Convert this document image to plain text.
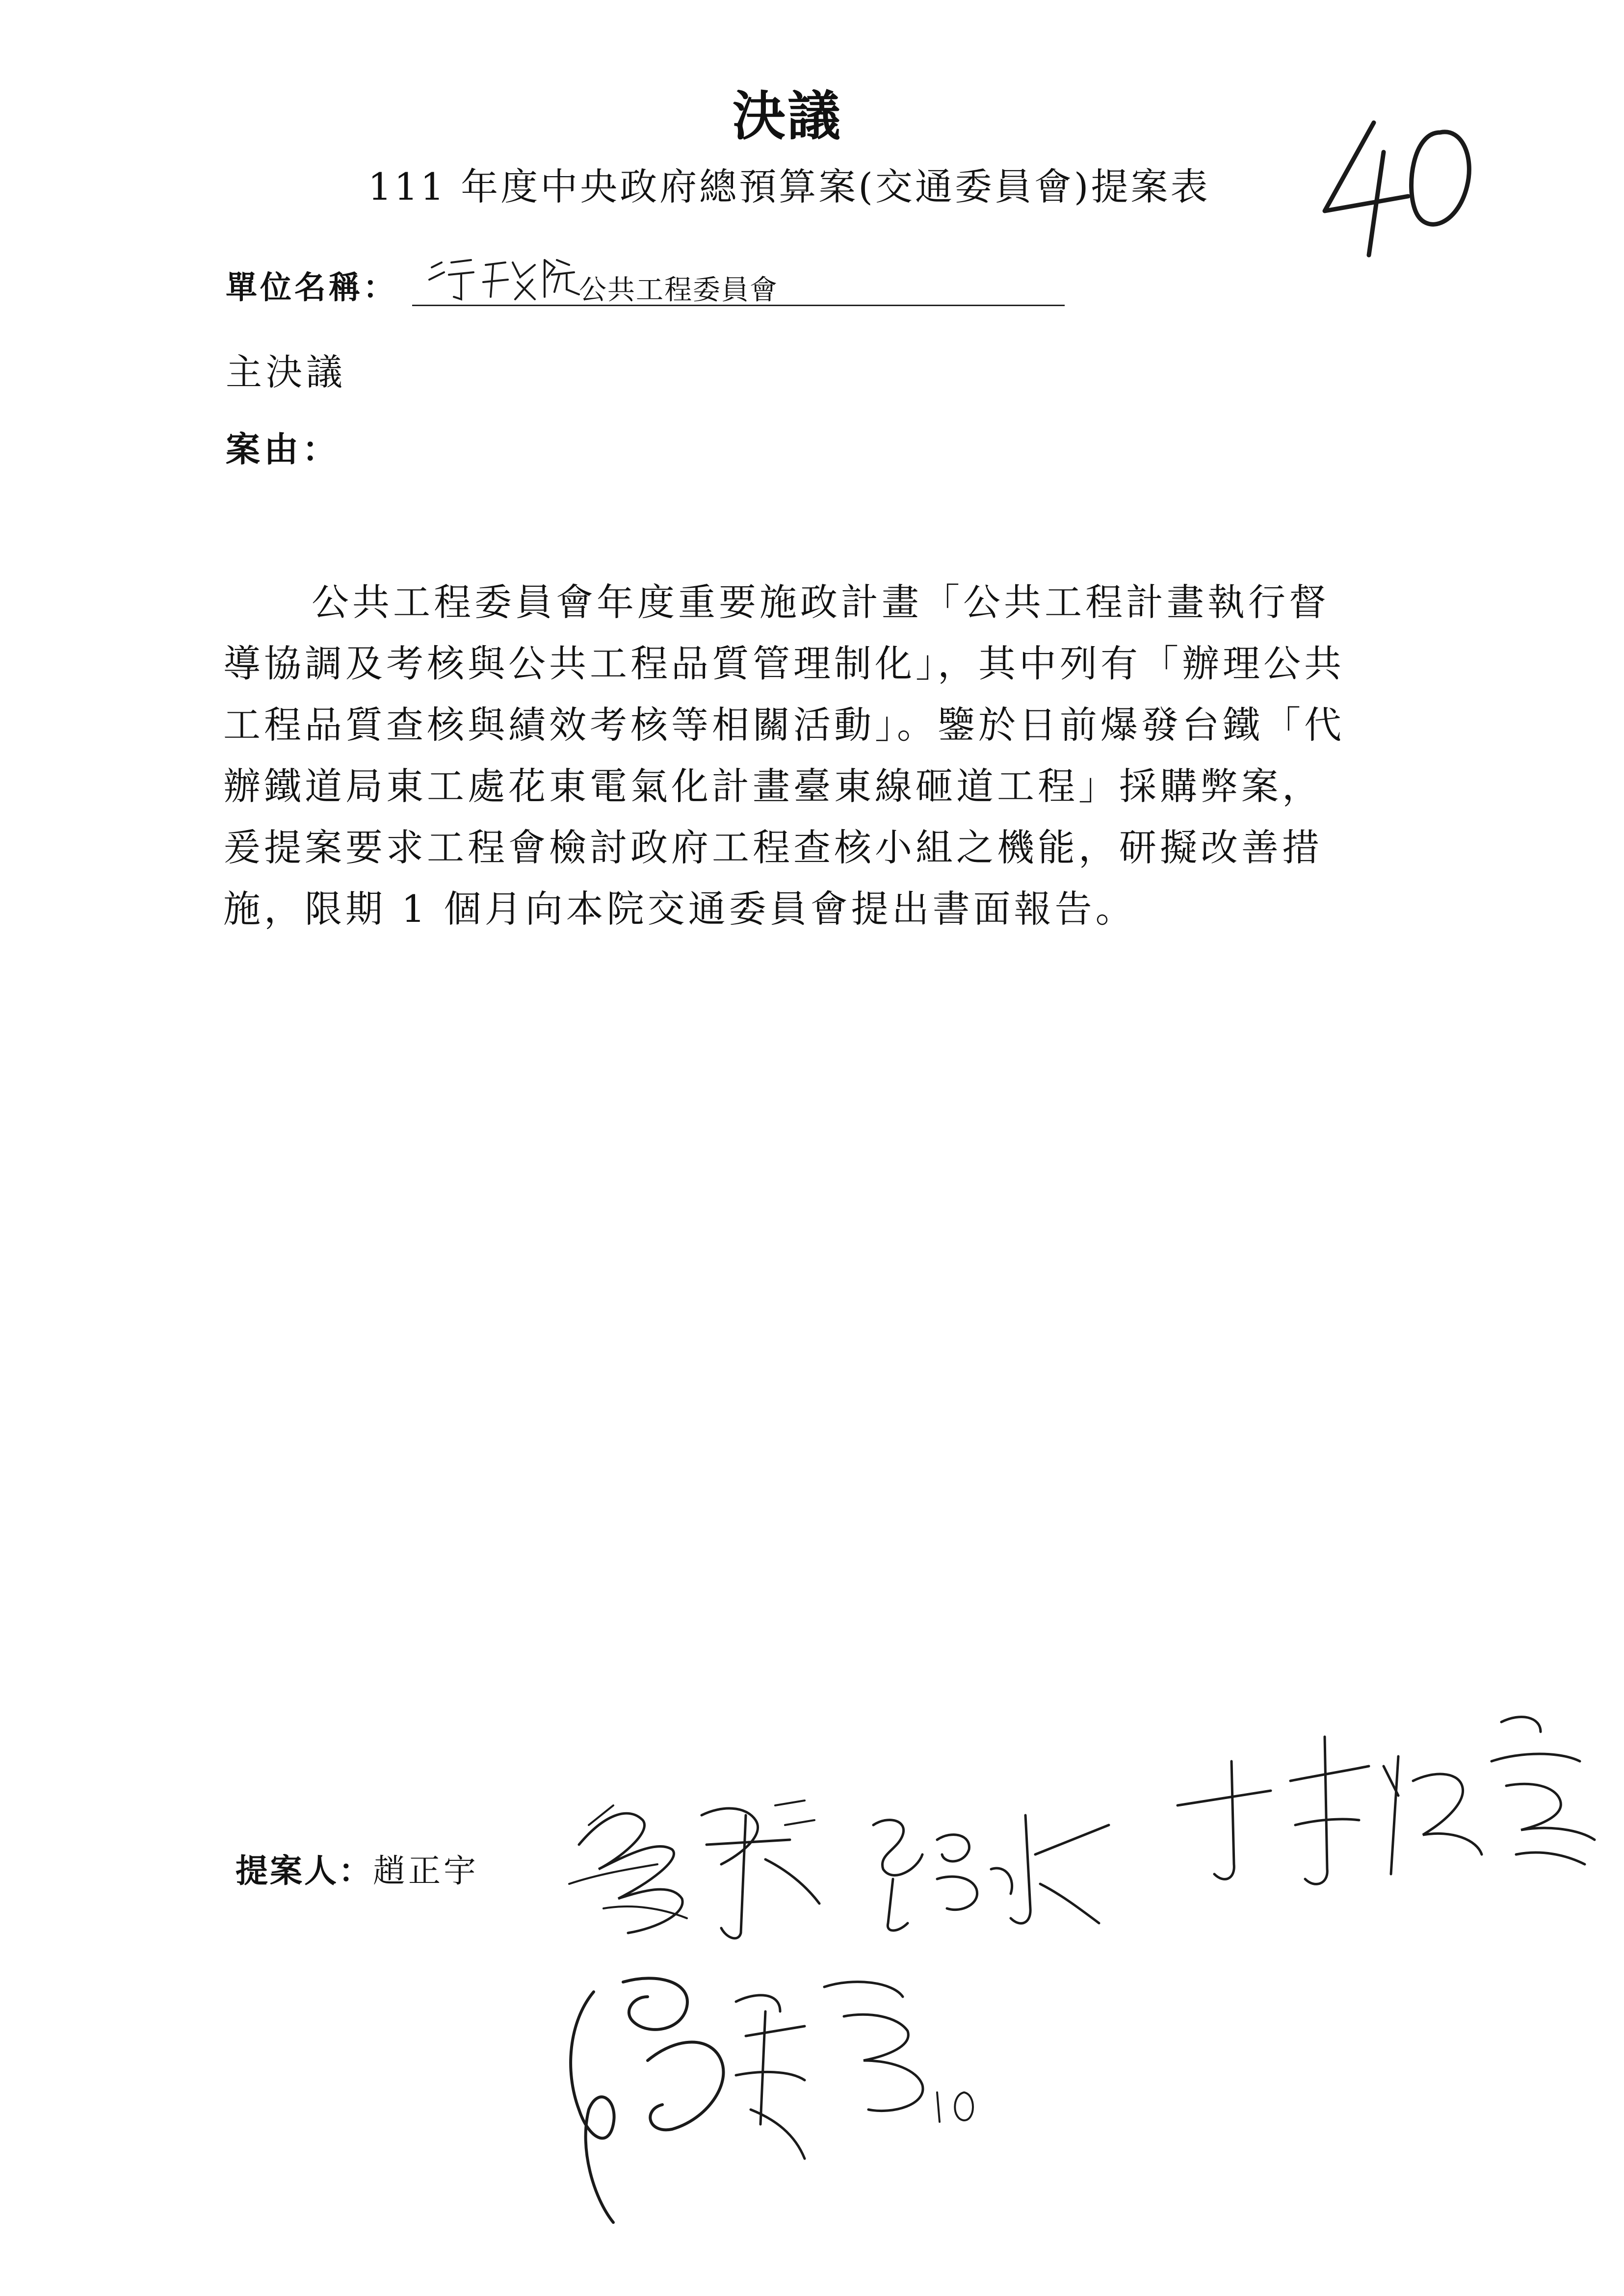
決議
111 年度中央政府總預算案(交通委員會)提案表
單位名稱：	公共工程委員會
主決議
案由：
公共工程委員會年度重要施政計畫「公共工程計畫執行督
導協調及考核與公共工程品質管理制化」，其中列有「辦理公共
工程品質查核與績效考核等相關活動」。鑒於日前爆發台鐵「代
辦鐵道局東工處花東電氣化計畫臺東線砸道工程」採購弊案，
爰提案要求工程會檢討政府工程查核小組之機能，研擬改善措
施，限期 1 個月向本院交通委員會提出書面報告。
提案人：趙正宇
